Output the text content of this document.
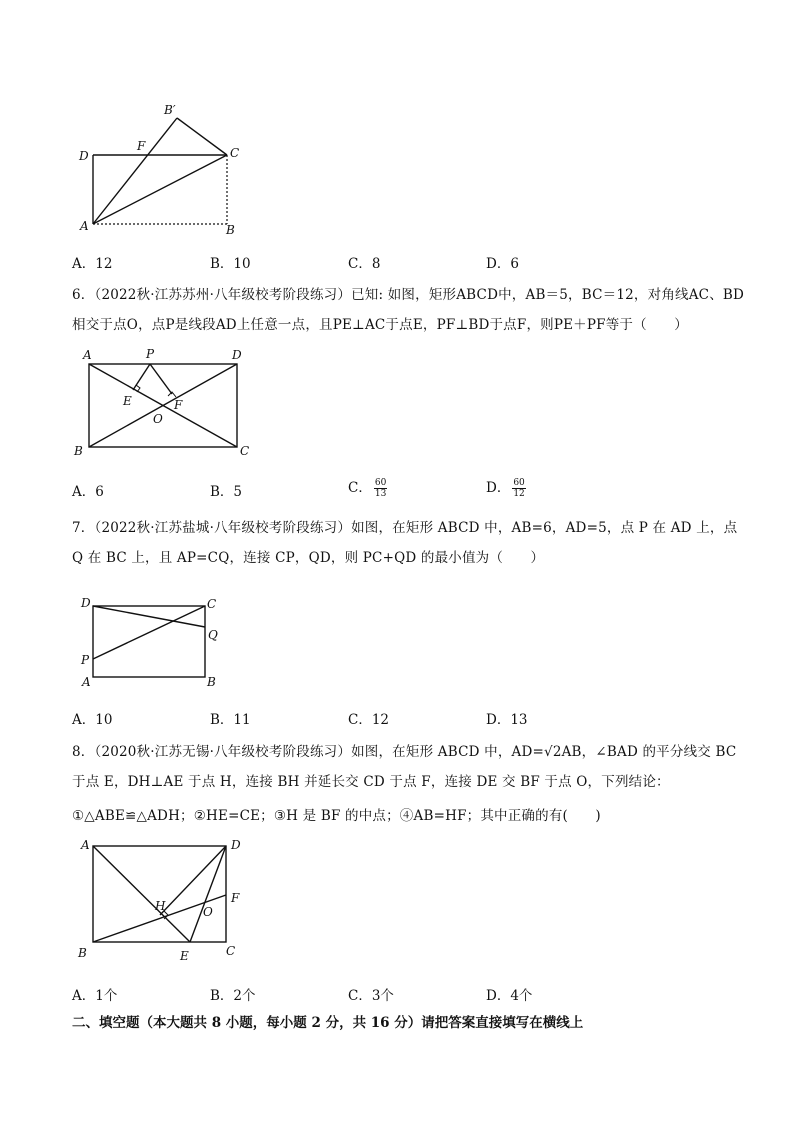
B′
D
F	C
A	B
A．12	B．10	C．8	D．6
6．（2022秋·江苏苏州·八年级校考阶段练习）已知: 如图，矩形ABCD中，AB＝5，BC＝12，对角线AC、BD
相交于点O，点P是线段AD上任意一点，且PE⊥AC于点E，PF⊥BD于点F，则PE＋PF等于（　　）
A	P	D
E	F
O
B	C
A．6	B．5	C． $\frac{60}{13}$	D． $\frac{60}{12}$
7．（2022秋·江苏盐城·八年级校考阶段练习）如图，在矩形 ABCD 中，AB=6，AD=5，点 P 在 AD 上，点
Q 在 BC 上，且 AP=CQ，连接 CP，QD，则 PC+QD 的最小值为（　　）
D	C
Q
P
A	B
A．10	B．11	C．12	D．13
8．（2020秋·江苏无锡·八年级校考阶段练习）如图，在矩形 ABCD 中，AD=√2AB，∠BAD 的平分线交 BC
于点 E，DH⊥AE 于点 H，连接 BH 并延长交 CD 于点 F，连接 DE 交 BF 于点 O，下列结论：
①△ABE≌△ADH；②HE=CE；③H 是 BF 的中点；④AB=HF；其中正确的有(　　)
A	D
F
H	O
B	E	C
A．1个	B．2个	C．3个	D．4个
二、填空题（本大题共 8 小题，每小题 2 分，共 16 分）请把答案直接填写在横线上
